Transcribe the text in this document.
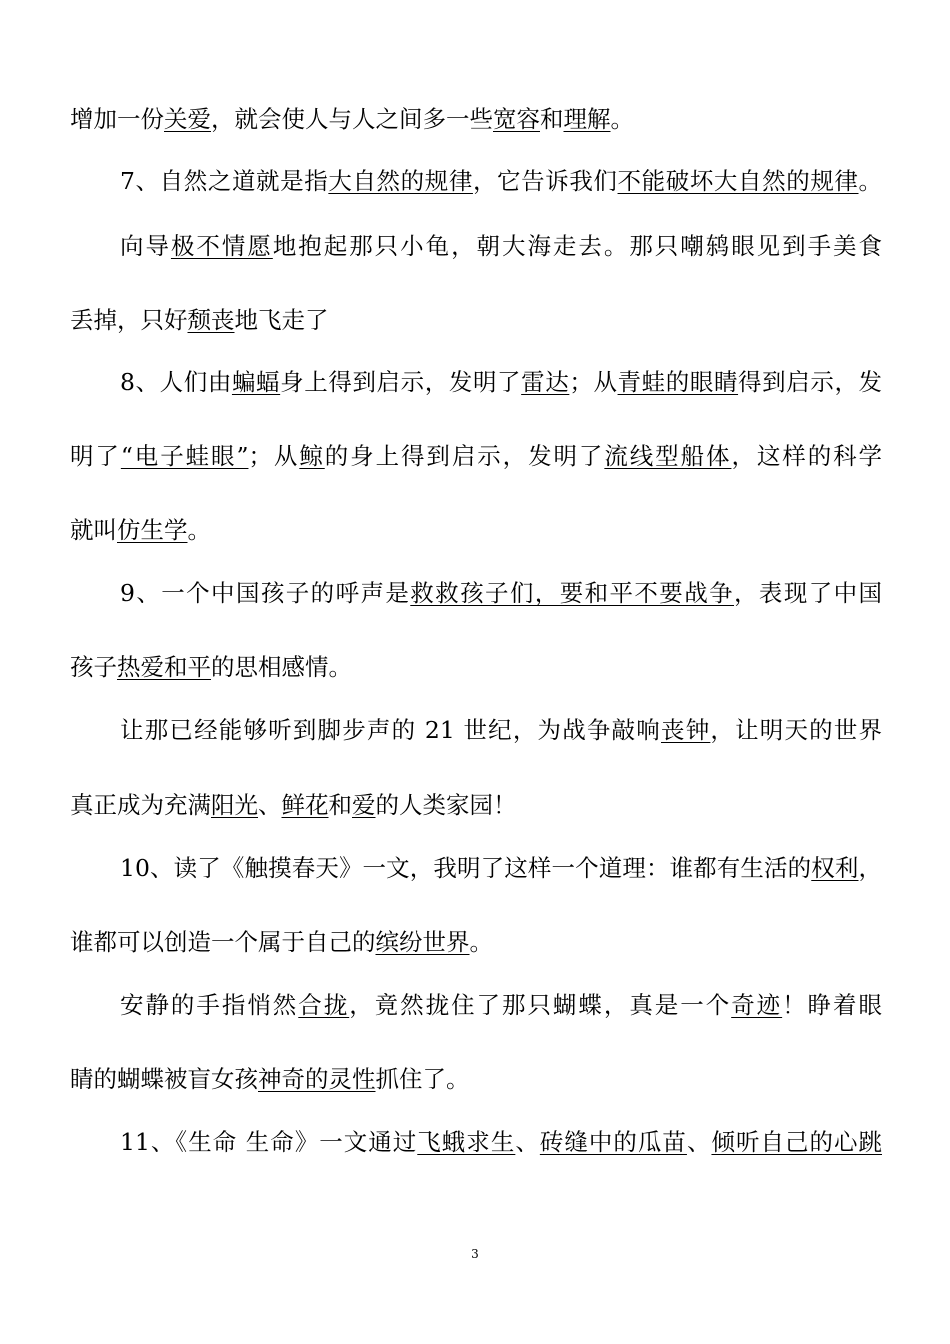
增加一份关爱，就会使人与人之间多一些宽容和理解。
7、自然之道就是指大自然的规律，它告诉我们不能破坏大自然的规律。
向导极不情愿地抱起那只小龟，朝大海走去。那只嘲鸫眼见到手美食
丢掉，只好颓丧地飞走了
8、人们由蝙蝠身上得到启示，发明了雷达；从青蛙的眼睛得到启示，发
明了“电子蛙眼”；从鲸的身上得到启示，发明了流线型船体，这样的科学
就叫仿生学。
9、一个中国孩子的呼声是救救孩子们，要和平不要战争，表现了中国
孩子热爱和平的思相感情。
让那已经能够听到脚步声的 21 世纪，为战争敲响丧钟，让明天的世界
真正成为充满阳光、鲜花和爱的人类家园！
10、读了《触摸春天》一文，我明了这样一个道理：谁都有生活的权利，
谁都可以创造一个属于自己的缤纷世界。
安静的手指悄然合拢，竟然拢住了那只蝴蝶，真是一个奇迹！睁着眼
睛的蝴蝶被盲女孩神奇的灵性抓住了。
11、《生命 生命》一文通过飞蛾求生、砖缝中的瓜苗、倾听自己的心跳
3
